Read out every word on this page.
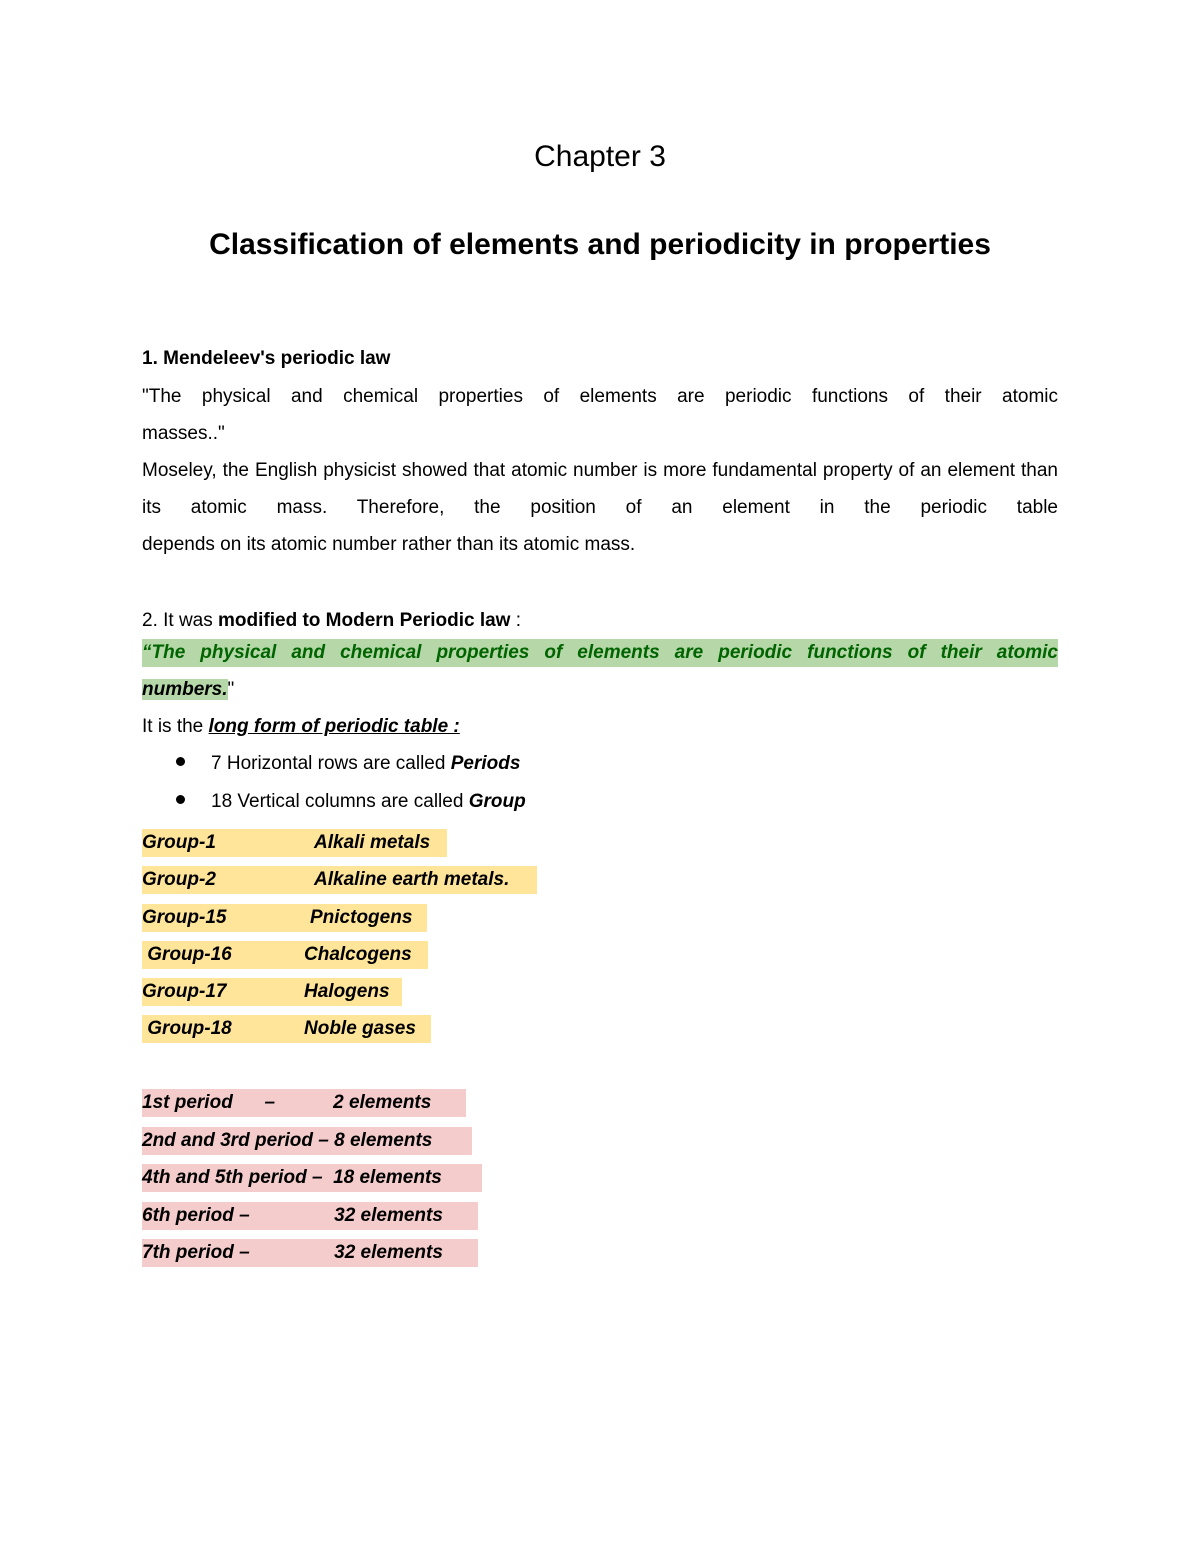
Chapter 3
Classification of elements and periodicity in properties
1. Mendeleev's periodic law

"The physical and chemical properties of elements are periodic functions of their atomic

masses.."

Moseley, the English physicist showed that atomic number is more fundamental property of an element than its atomic mass. Therefore, the position of an element in the periodic table

depends on its atomic number rather than its atomic mass.

2. It was modified to Modern Periodic law :
“The physical and chemical properties of elements are periodic functions of their atomic
numbers."
It is the long form of periodic table :
7 Horizontal rows are called Periods
18 Vertical columns are called Group
Group-1	Alkali metals
Group-2	Alkaline earth metals.
Group-15	Pnictogens
Group-16	Chalcogens
Group-17	Halogens
Group-18	Noble gases
1st period      –           2 elements
2nd and 3rd period – 8 elements
4th and 5th period –  18 elements
6th period –                32 elements
7th period –                32 elements
